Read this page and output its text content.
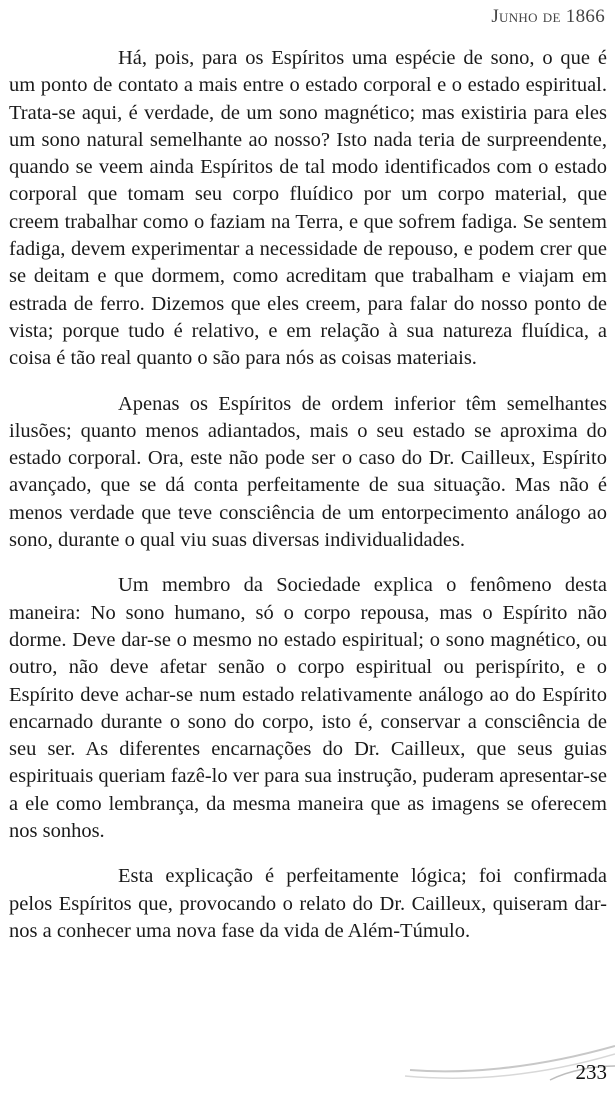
Junho de 1866

Há, pois, para os Espíritos uma espécie de sono, o que é um ponto de contato a mais entre o estado corporal e o estado espiritual. Trata-se aqui, é verdade, de um sono magnético; mas existiria para eles um sono natural semelhante ao nosso? Isto nada teria de surpreendente, quando se veem ainda Espíritos de tal modo identificados com o estado corporal que tomam seu corpo fluídico por um corpo material, que creem trabalhar como o faziam na Terra, e que sofrem fadiga. Se sentem fadiga, devem experimentar a necessidade de repouso, e podem crer que se deitam e que dormem, como acreditam que trabalham e viajam em estrada de ferro. Dizemos que eles creem, para falar do nosso ponto de vista; porque tudo é relativo, e em relação à sua natureza fluídica, a coisa é tão real quanto o são para nós as coisas materiais.

Apenas os Espíritos de ordem inferior têm semelhantes ilusões; quanto menos adiantados, mais o seu estado se aproxima do estado corporal. Ora, este não pode ser o caso do Dr. Cailleux, Espírito avançado, que se dá conta perfeitamente de sua situação. Mas não é menos verdade que teve consciência de um entorpecimento análogo ao sono, durante o qual viu suas diversas individualidades.

Um membro da Sociedade explica o fenômeno desta maneira: No sono humano, só o corpo repousa, mas o Espírito não dorme. Deve dar-se o mesmo no estado espiritual; o sono magnético, ou outro, não deve afetar senão o corpo espiritual ou perispírito, e o Espírito deve achar-se num estado relativamente análogo ao do Espírito encarnado durante o sono do corpo, isto é, conservar a consciência de seu ser. As diferentes encarnações do Dr. Cailleux, que seus guias espirituais queriam fazê-lo ver para sua instrução, puderam apresentar-se a ele como lembrança, da mesma maneira que as imagens se oferecem nos sonhos.

Esta explicação é perfeitamente lógica; foi confirmada pelos Espíritos que, provocando o relato do Dr. Cailleux, quiseram dar-nos a conhecer uma nova fase da vida de Além-Túmulo.

233
